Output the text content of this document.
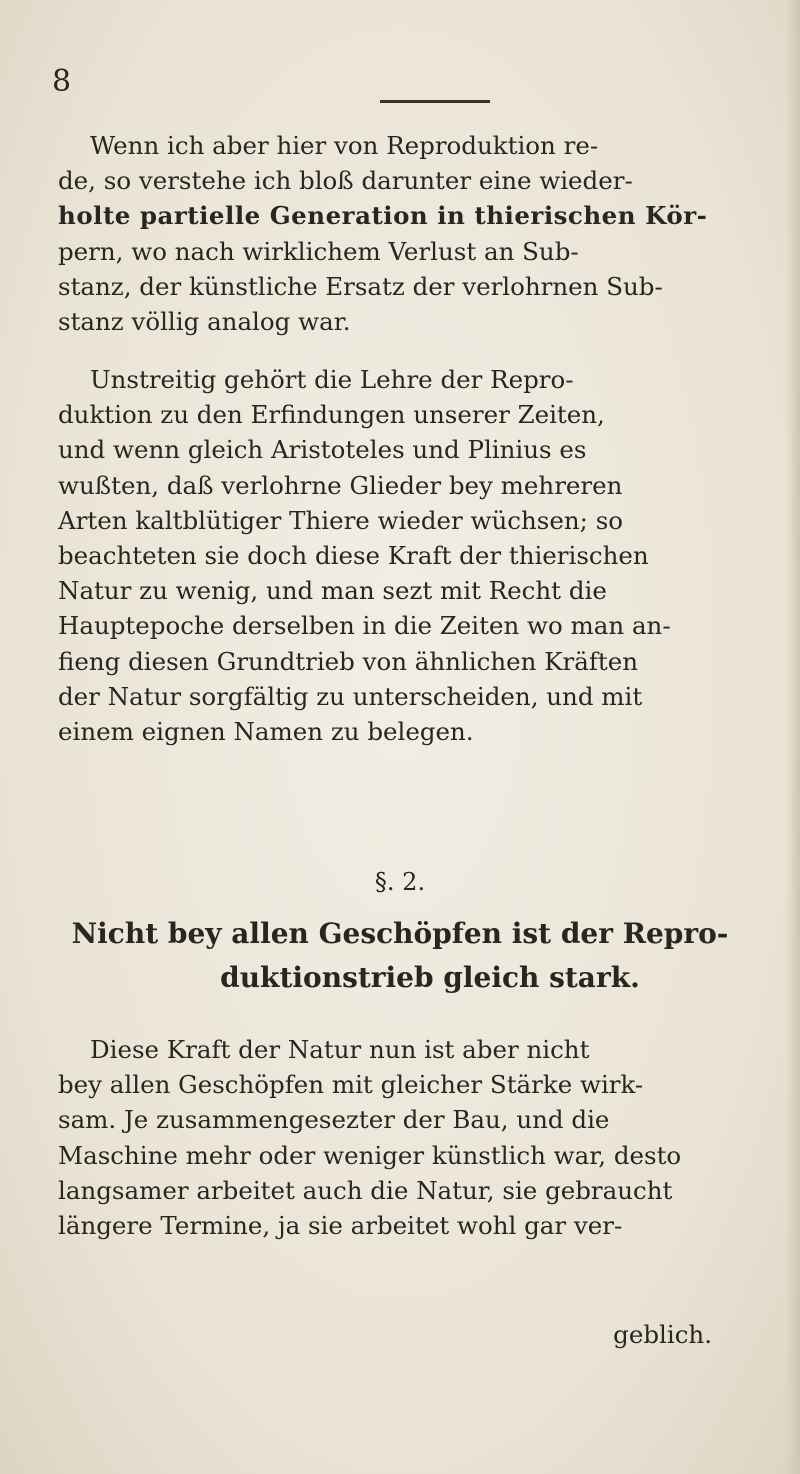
8

Wenn ich aber hier von Reproduktion re-

de, so verstehe ich bloß darunter eine wieder-

holte partielle Generation in thierischen Kör-

pern, wo nach wirklichem Verlust an Sub-

stanz, der künstliche Ersatz der verlohrnen Sub-

stanz völlig analog war.

Unstreitig gehört die Lehre der Repro-

duktion zu den Erfindungen unserer Zeiten,

und wenn gleich Aristoteles und Plinius es

wußten, daß verlohrne Glieder bey mehreren

Arten kaltblütiger Thiere wieder wüchsen; so

beachteten sie doch diese Kraft der thierischen

Natur zu wenig, und man sezt mit Recht die

Hauptepoche derselben in die Zeiten wo man an-

fieng diesen Grundtrieb von ähnlichen Kräften

der Natur sorgfältig zu unterscheiden, und mit

einem eignen Namen zu belegen.

§. 2.
Nicht bey allen Geschöpfen ist der Repro-
duktionstrieb gleich stark.

Diese Kraft der Natur nun ist aber nicht

bey allen Geschöpfen mit gleicher Stärke wirk-

sam. Je zusammengesezter der Bau, und die

Maschine mehr oder weniger künstlich war, desto

langsamer arbeitet auch die Natur, sie gebraucht

längere Termine, ja sie arbeitet wohl gar ver-

geblich.
